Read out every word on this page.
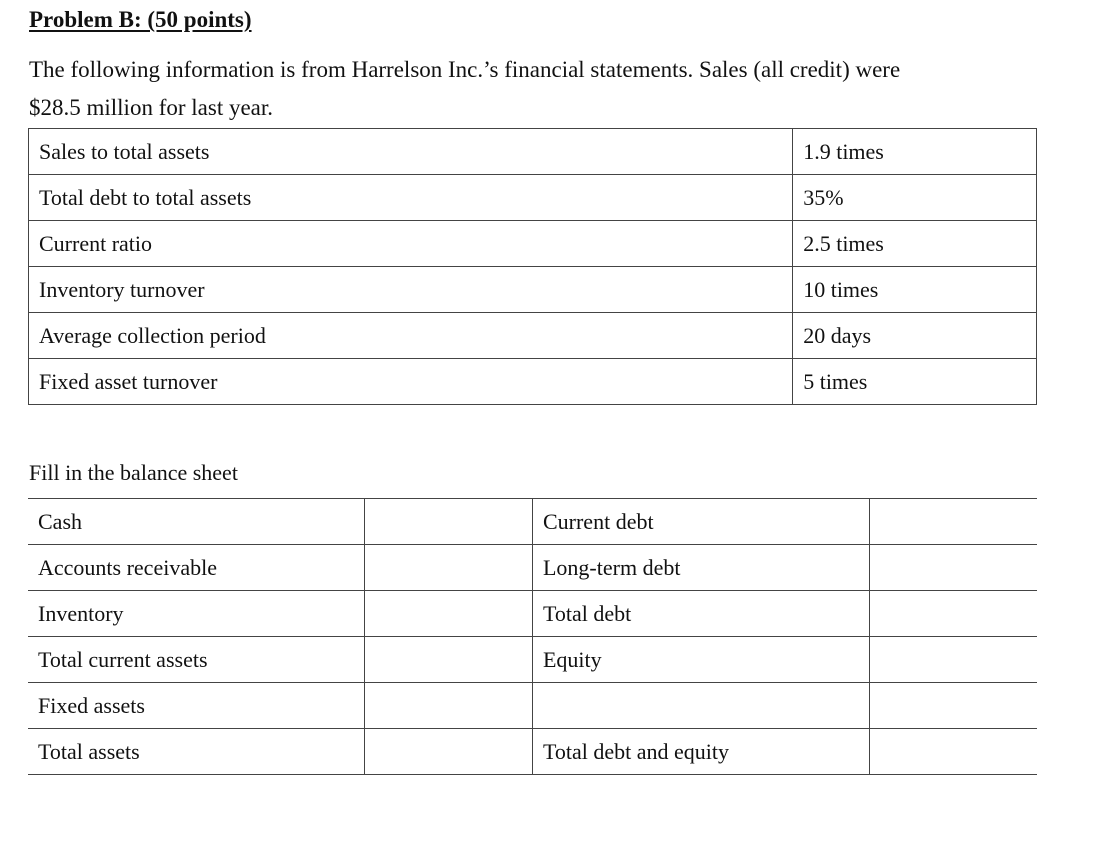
Problem B: (50 points)
The following information is from Harrelson Inc.’s financial statements. Sales (all credit) were
$28.5 million for last year.
Sales to total assets	1.9 times
Total debt to total assets	35%
Current ratio	2.5 times
Inventory turnover	10 times
Average collection period	20 days
Fixed asset turnover	5 times
Fill in the balance sheet
Cash		Current debt	
Accounts receivable		Long-term debt	
Inventory		Total debt	
Total current assets		Equity	
Fixed assets			
Total assets		Total debt and equity	
